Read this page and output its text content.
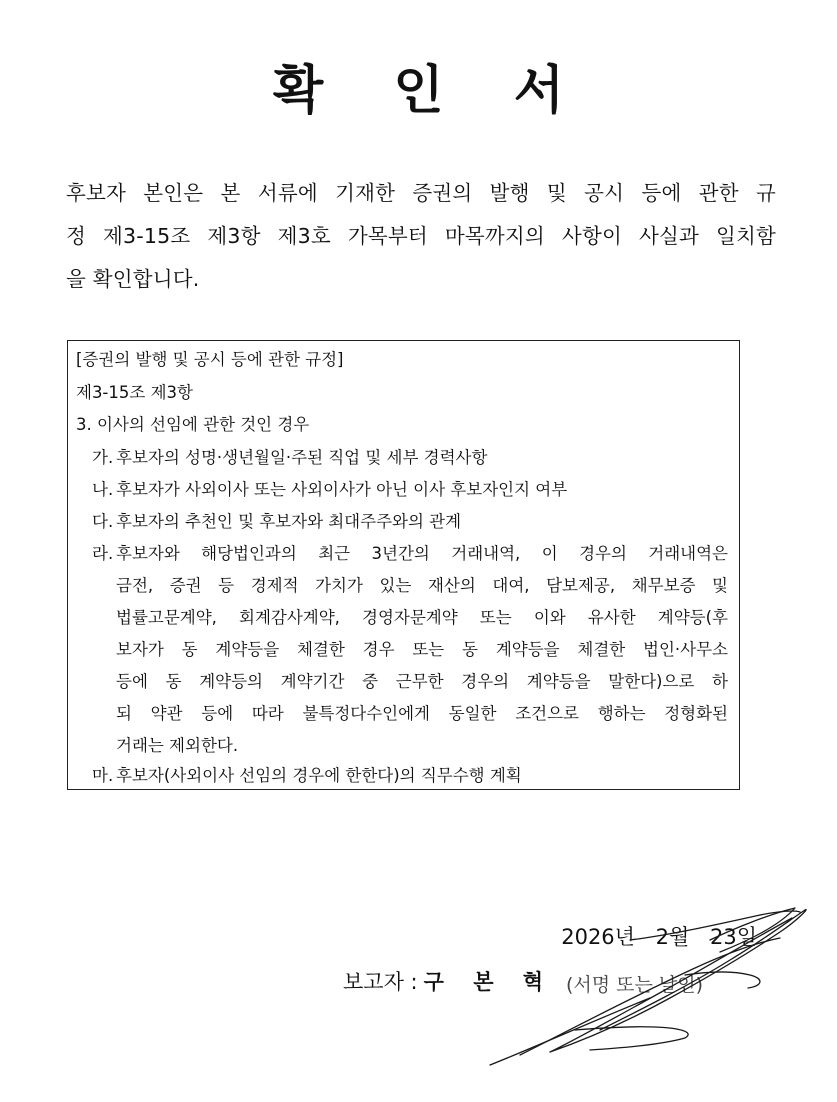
확 인 서
후보자 본인은 본 서류에 기재한 증권의 발행 및 공시 등에 관한 규
정 제3-15조 제3항 제3호 가목부터 마목까지의 사항이 사실과 일치함
을 확인합니다.
[증권의 발행 및 공시 등에 관한 규정]
제3-15조 제3항
3. 이사의 선임에 관한 것인 경우
가. 후보자의 성명·생년월일·주된 직업 및 세부 경력사항
나. 후보자가 사외이사 또는 사외이사가 아닌 이사 후보자인지 여부
다. 후보자의 추천인 및 후보자와 최대주주와의 관계
라. 후보자와 해당법인과의 최근 3년간의 거래내역, 이 경우의 거래내역은
금전, 증권 등 경제적 가치가 있는 재산의 대여, 담보제공, 채무보증 및
법률고문계약, 회계감사계약, 경영자문계약 또는 이와 유사한 계약등(후
보자가 동 계약등을 체결한 경우 또는 동 계약등을 체결한 법인·사무소
등에 동 계약등의 계약기간 중 근무한 경우의 계약등을 말한다)으로 하
되 약관 등에 따라 불특정다수인에게 동일한 조건으로 행하는 정형화된
거래는 제외한다.
마. 후보자(사외이사 선임의 경우에 한한다)의 직무수행 계획
2026년 2월 23일
보고자 : 구 본 혁 (서명 또는 날인)
